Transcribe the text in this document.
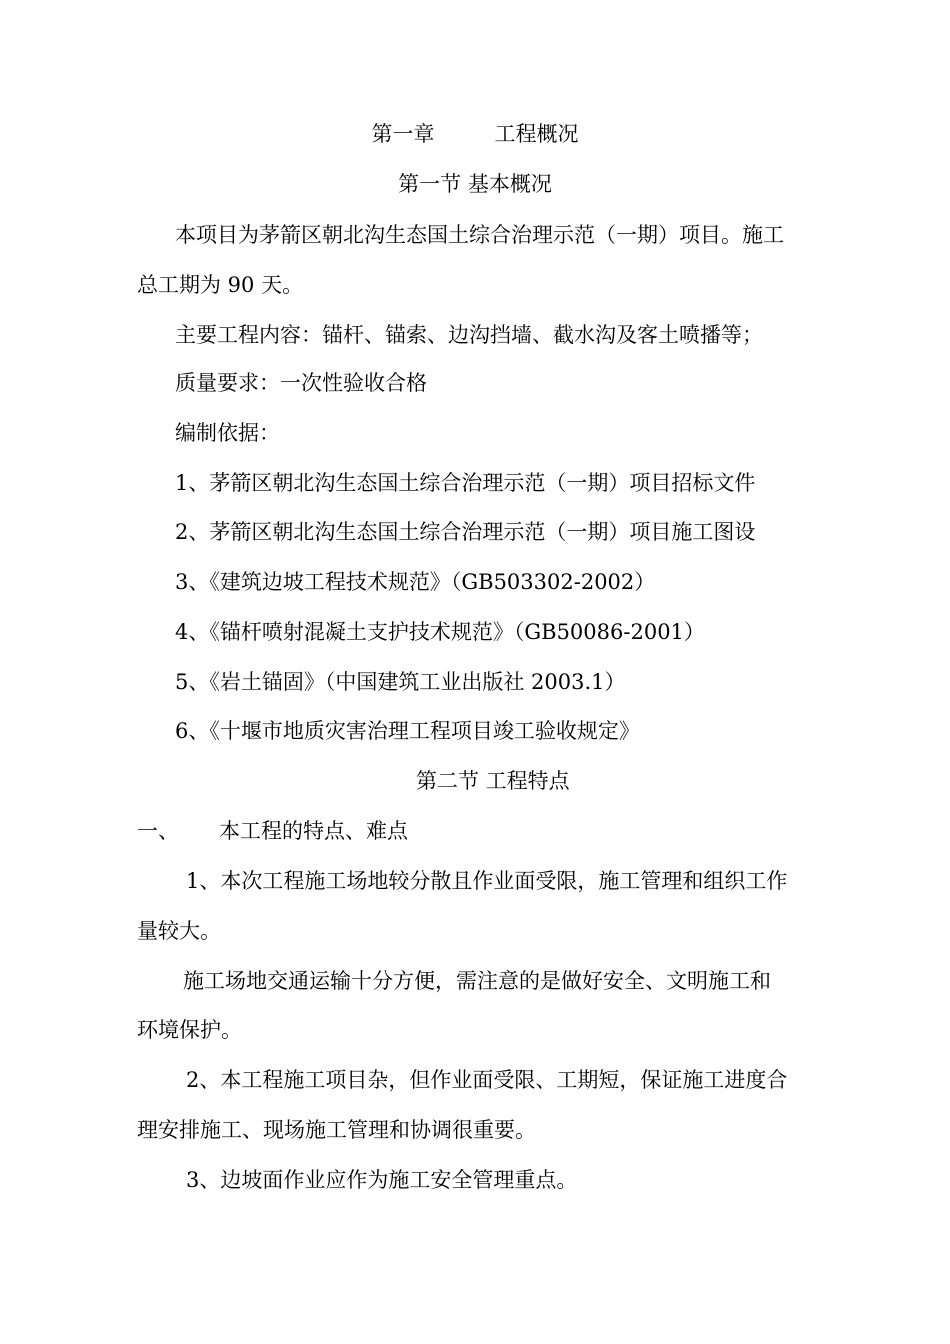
第一章	工程概况
第一节 基本概况
本项目为茅箭区朝北沟生态国土综合治理示范（一期）项目。施工
总工期为 90 天。
主要工程内容：锚杆、锚索、边沟挡墙、截水沟及客土喷播等；
质量要求：一次性验收合格
编制依据：
1、茅箭区朝北沟生态国土综合治理示范（一期）项目招标文件
2、茅箭区朝北沟生态国土综合治理示范（一期）项目施工图设
3、《建筑边坡工程技术规范》（GB503302-2002）
4、《锚杆喷射混凝土支护技术规范》（GB50086-2001）
5、《岩土锚固》（中国建筑工业出版社 2003.1）
6、《十堰市地质灾害治理工程项目竣工验收规定》
第二节 工程特点
一、 本工程的特点、难点
1、本次工程施工场地较分散且作业面受限，施工管理和组织工作
量较大。
施工场地交通运输十分方便，需注意的是做好安全、文明施工和
环境保护。
2、本工程施工项目杂，但作业面受限、工期短，保证施工进度合
理安排施工、现场施工管理和协调很重要。
3、边坡面作业应作为施工安全管理重点。
